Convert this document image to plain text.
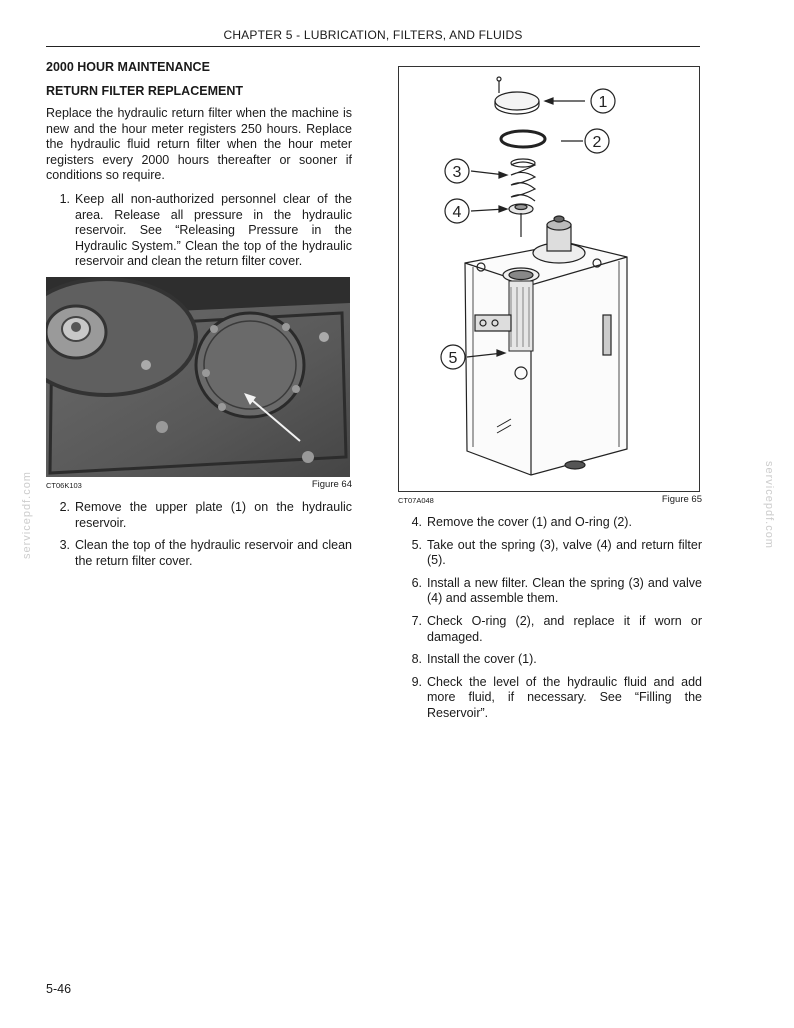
CHAPTER 5 - LUBRICATION, FILTERS, AND FLUIDS
2000 HOUR MAINTENANCE
RETURN FILTER REPLACEMENT

Replace the hydraulic return filter when the machine is new and the hour meter registers 250 hours. Replace the hydraulic fluid return filter when the hour meter registers every 2000 hours thereafter or sooner if conditions so require.

1. Keep all non-authorized personnel clear of the area. Release all pressure in the hydraulic reservoir. See “Releasing Pressure in the Hydraulic System.” Clean the top of the hydraulic reservoir and clean the return filter cover.
CT06K103	Figure 64
2. Remove the upper plate (1) on the hydraulic reservoir.
3. Clean the top of the hydraulic reservoir and clean the return filter cover.
1
2
3
4
5
CT07A048	Figure 65
4. Remove the cover (1) and O-ring (2).
5. Take out the spring (3), valve (4) and return filter (5).
6. Install a new filter. Clean the spring (3) and valve (4) and assemble them.
7. Check O-ring (2), and replace it if worn or damaged.
8. Install the cover (1).
9. Check the level of the hydraulic fluid and add more fluid, if necessary. See “Filling the Reservoir”.
servicepdf.com	servicepdf.com
5-46
